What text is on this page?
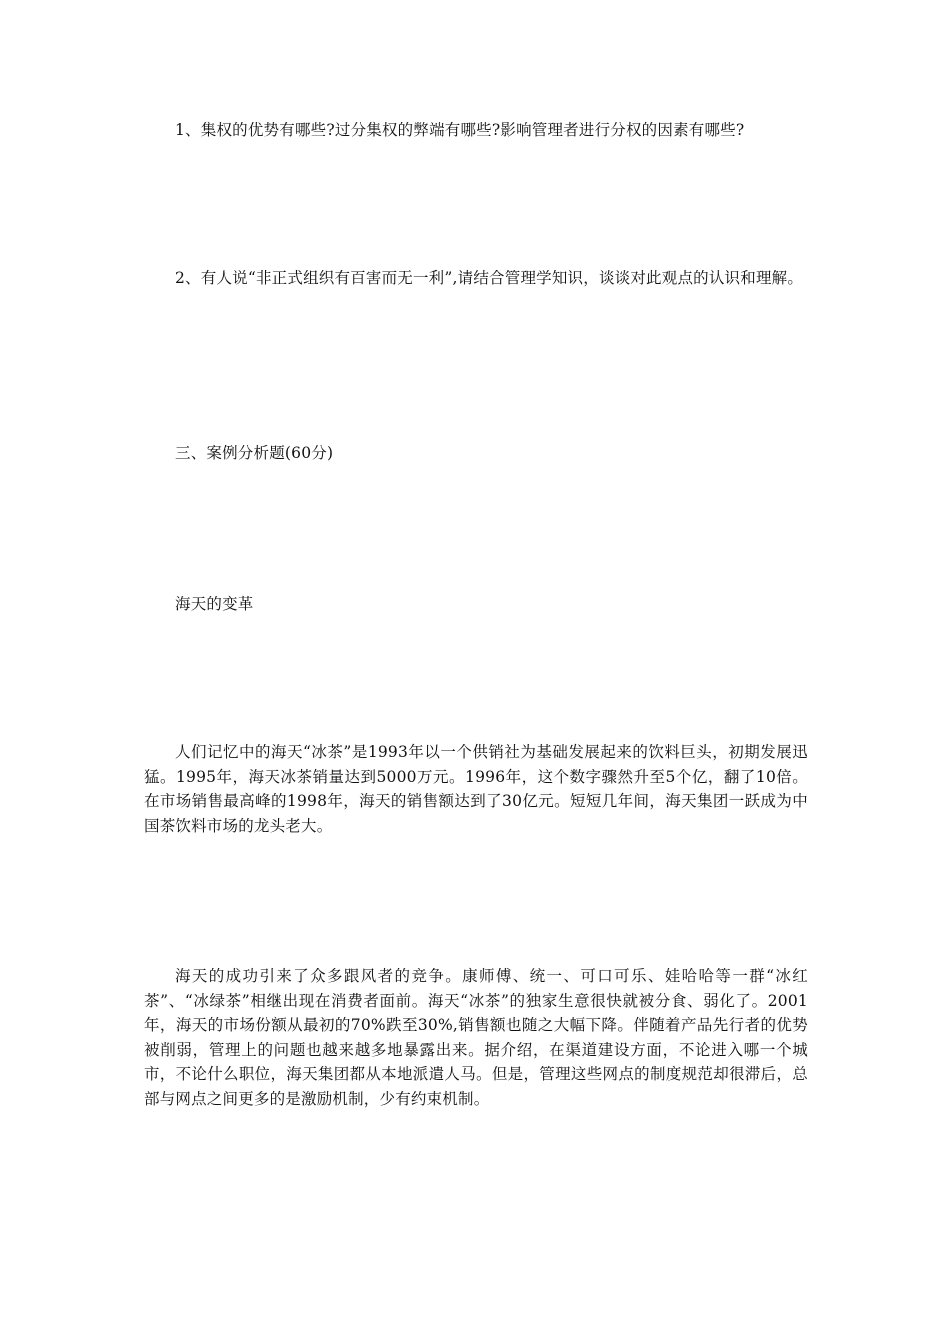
1、集权的优势有哪些?过分集权的弊端有哪些?影响管理者进行分权的因素有哪些?

2、有人说“非正式组织有百害而无一利”,请结合管理学知识，谈谈对此观点的认识和理解。

三、案例分析题(60分)

海天的变革

人们记忆中的海天“冰茶”是1993年以一个供销社为基础发展起来的饮料巨头，初期发展迅猛。1995年，海天冰茶销量达到5000万元。1996年，这个数字骤然升至5个亿，翻了10倍。在市场销售最高峰的1998年，海天的销售额达到了30亿元。短短几年间，海天集团一跃成为中国茶饮料市场的龙头老大。

海天的成功引来了众多跟风者的竞争。康师傅、统一、可口可乐、娃哈哈等一群“冰红茶”、“冰绿茶”相继出现在消费者面前。海天“冰茶”的独家生意很快就被分食、弱化了。2001年，海天的市场份额从最初的70%跌至30%,销售额也随之大幅下降。伴随着产品先行者的优势被削弱，管理上的问题也越来越多地暴露出来。据介绍，在渠道建设方面，不论进入哪一个城市，不论什么职位，海天集团都从本地派遣人马。但是，管理这些网点的制度规范却很滞后，总部与网点之间更多的是激励机制，少有约束机制。
